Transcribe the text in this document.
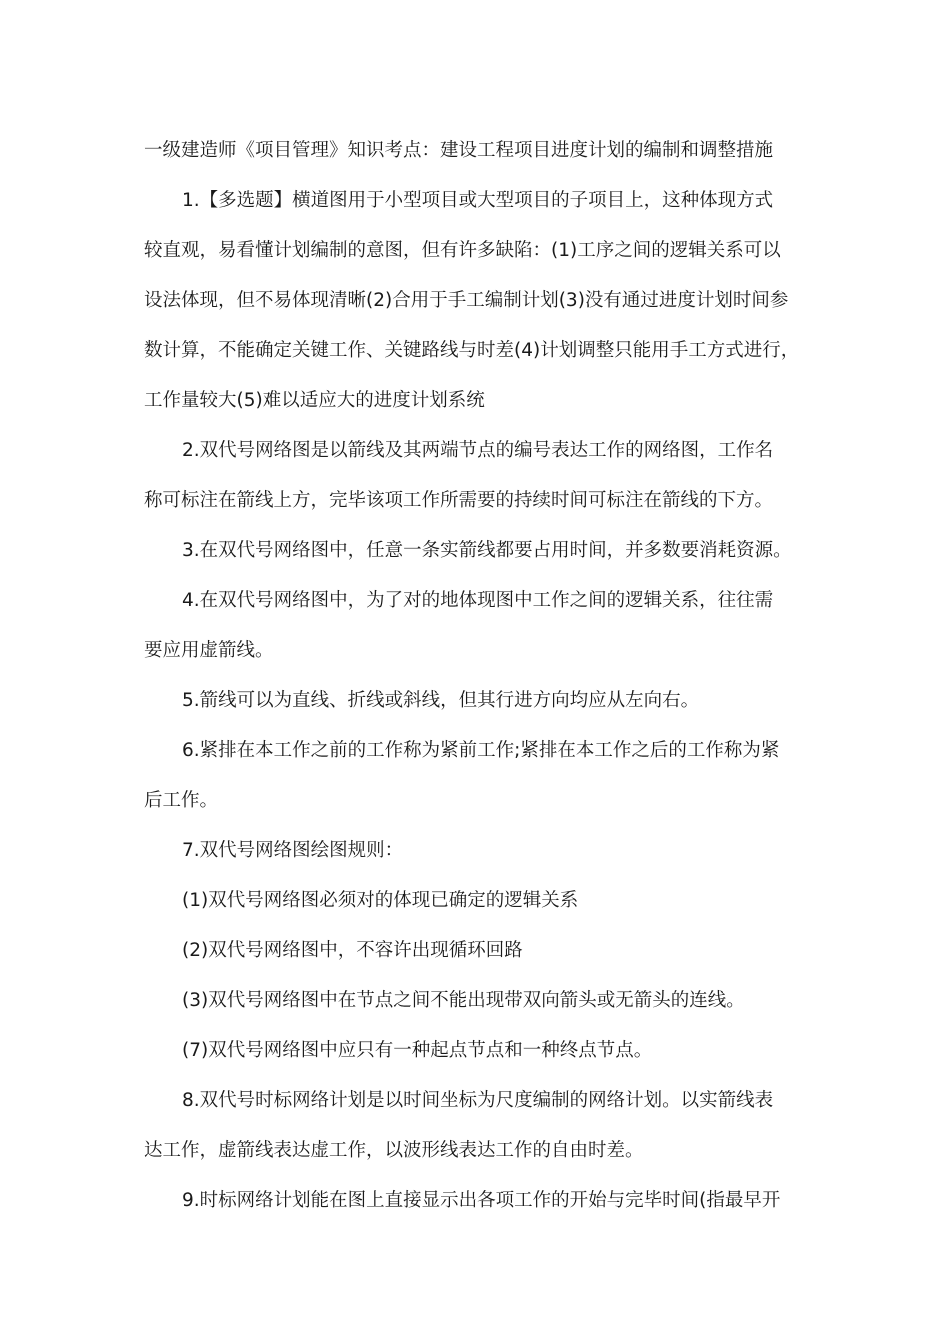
一级建造师《项目管理》知识考点：建设工程项目进度计划的编制和调整措施
1.【多选题】横道图用于小型项目或大型项目的子项目上，这种体现方式
较直观，易看懂计划编制的意图，但有许多缺陷：(1)工序之间的逻辑关系可以
设法体现，但不易体现清晰(2)合用于手工编制计划(3)没有通过进度计划时间参
数计算，不能确定关键工作、关键路线与时差(4)计划调整只能用手工方式进行，
工作量较大(5)难以适应大的进度计划系统
2.双代号网络图是以箭线及其两端节点的编号表达工作的网络图，工作名
称可标注在箭线上方，完毕该项工作所需要的持续时间可标注在箭线的下方。
3.在双代号网络图中，任意一条实箭线都要占用时间，并多数要消耗资源。
4.在双代号网络图中，为了对的地体现图中工作之间的逻辑关系，往往需
要应用虚箭线。
5.箭线可以为直线、折线或斜线，但其行进方向均应从左向右。
6.紧排在本工作之前的工作称为紧前工作;紧排在本工作之后的工作称为紧
后工作。
7.双代号网络图绘图规则：
(1)双代号网络图必须对的体现已确定的逻辑关系
(2)双代号网络图中，不容许出现循环回路
(3)双代号网络图中在节点之间不能出现带双向箭头或无箭头的连线。
(7)双代号网络图中应只有一种起点节点和一种终点节点。
8.双代号时标网络计划是以时间坐标为尺度编制的网络计划。以实箭线表
达工作，虚箭线表达虚工作，以波形线表达工作的自由时差。
9.时标网络计划能在图上直接显示出各项工作的开始与完毕时间(指最早开
